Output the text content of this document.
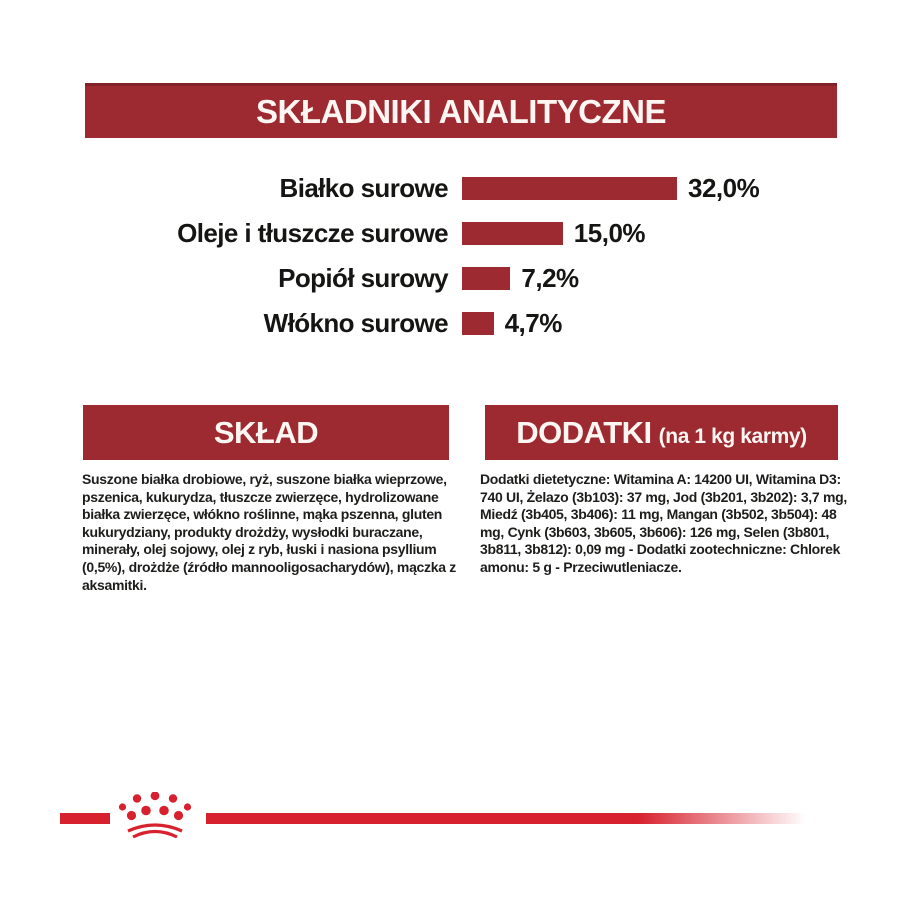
SKŁADNIKI ANALITYCZNE
Białko surowe	32,0%
Oleje i tłuszcze surowe	15,0%
Popiół surowy	7,2%
Włókno surowe	4,7%
SKŁAD	DODATKI (na 1 kg karmy)
Suszone białka drobiowe, ryż, suszone białka wieprzowe, pszenica, kukurydza, tłuszcze zwierzęce, hydrolizowane białka zwierzęce, włókno roślinne, mąka pszenna, gluten kukurydziany, produkty drożdży, wysłodki buraczane, minerały, olej sojowy, olej z ryb, łuski i nasiona psyllium (0,5%), drożdże (źródło mannooligosacharydów), mączka z aksamitki.
Dodatki dietetyczne: Witamina A: 14200 UI, Witamina D3: 740 UI, Żelazo (3b103): 37 mg, Jod (3b201, 3b202): 3,7 mg, Miedź (3b405, 3b406): 11 mg, Mangan (3b502, 3b504): 48 mg, Cynk (3b603, 3b605, 3b606): 126 mg, Selen (3b801, 3b811, 3b812): 0,09 mg - Dodatki zootechniczne: Chlorek amonu: 5 g - Przeciwutleniacze.
